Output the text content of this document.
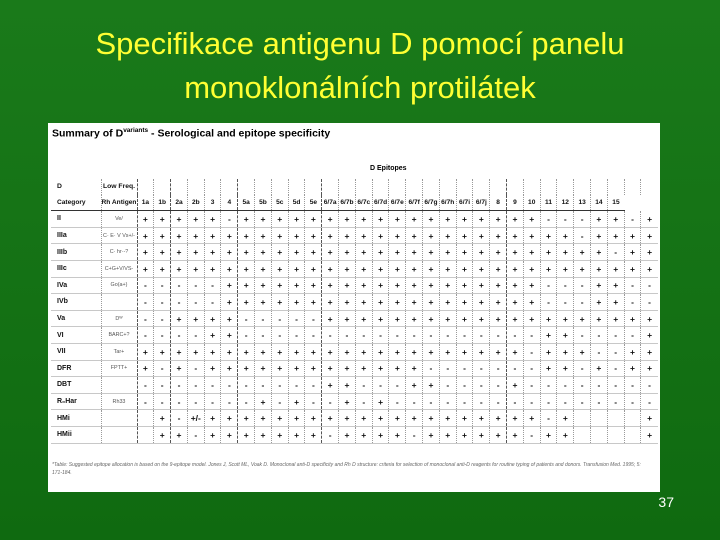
Specifikace antigenu D pomocí panelu
monoklonálních protilátek
Summary of $D^{variants}$ - Serological and epitope specificity
D Epitopes
D	Low Freq.																															
Category	Rh Antigen	1a	1b	2a	2b	3	4	5a	5b	5c	5d	5e	6/7a	6/7b	6/7c	6/7d	6/7e	6/7f	6/7g	6/7h	6/7i	6/7j	8	9	10	11	12	13	14	15		
II	Ve/	+	+	+	+	+	-	+	+	+	+	+	+	+	+	+	+	+	+	+	+	+	+	+	+	-	-	-	+	+	-	+
IIIa	C· E· V Vs+/-	+	+	+	+	+	+	+	+	+	+	+	+	+	+	+	+	+	+	+	+	+	+	+	+	+	+	-	+	+	+	+
IIIb	C· hr·-?	+	+	+	+	+	+	+	+	+	+	+	+	+	+	+	+	+	+	+	+	+	+	+	+	+	+	+	+	-	+	+
IIIc	C+G+V/VS-	+	+	+	+	+	+	+	+	+	+	+	+	+	+	+	+	+	+	+	+	+	+	+	+	+	+	+	+	+	+	+
IVa	Go(a+)	-	-	-	-	-	+	+	+	+	+	+	+	+	+	+	+	+	+	+	+	+	+	+	+	-	-	-	+	+	-	-
IVb		-	-	-	-	-	+	+	+	+	+	+	+	+	+	+	+	+	+	+	+	+	+	+	+	-	-	-	+	+	-	-
Va	Dᵂ	-	-	+	+	+	+	-	-	-	-	-	+	+	+	+	+	+	+	+	+	+	+	+	+	+	+	+	+	+	+	+
VI	BARC+?	-	-	-	-	+	+	-	-	-	-	-	-	-	-	-	-	-	-	-	-	-	-	-	-	+	+	-	-	-	-	+
VII	Tar+	+	+	+	+	+	+	+	+	+	+	+	+	+	+	+	+	+	+	+	+	+	+	+	-	+	+	+	-	-	+	+
DFR	FPTT+	+	-	+	-	+	+	+	+	+	+	+	+	+	+	+	+	+	-	-	-	-	-	-	-	+	+	-	+	-	+	+
DBT		-	-	-	-	-	-	-	-	-	-	-	+	+	-	-	-	+	+	-	-	-	-	+	-	-	-	-	-	-	-	-
R₀Har	Rh33	-	-	-	-	-	-	-	+	-	+	-	-	+	-	+	-	-	-	-	-	-	-	-	-	-	-	-	-	-	-	-
HMi			+	-	+/-	+	+	+	+	+	+	+	+	+	+	+	+	+	+	+	+	+	+	+	+	-	+					+
HMii			+	+	-	+	+	+	+	+	+	+	-	+	+	+	+	-	+	+	+	+	+	+	-	+	+					+
*Table: Suggested epitope allocation is based on the 9-epitope model. Jones J, Scott ML, Voak D. Monoclonal anti-D specificity and Rh D structure: criteria for selection of monoclonal anti-D reagents for routine typing of patients and donors. Transfusion Med. 1995; 5: 171-184.
37
